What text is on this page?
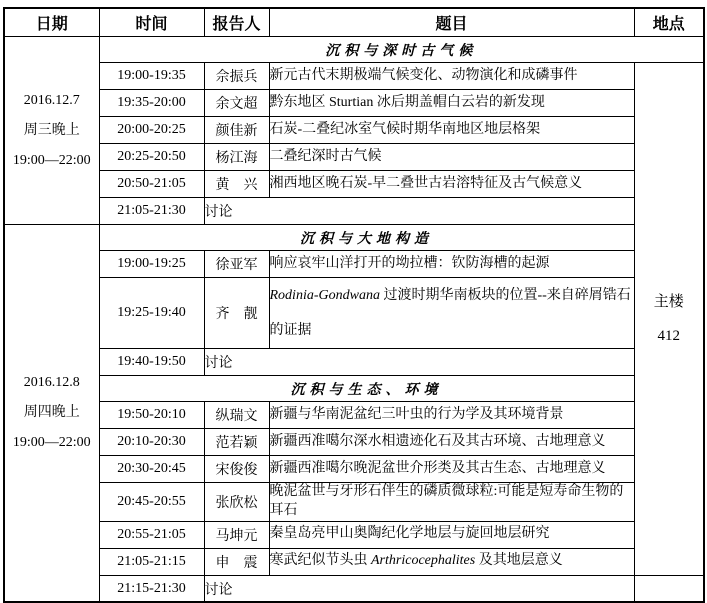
日期	时间	报告人	题目	地点

2016.12.7
周三晚上
19:00—22:00	沉积与深时古气候			
	19:00-19:35	佘振兵	新元古代末期极端气候变化、动物演化和成磷事件	主楼
412

	19:35-20:00	余文超	黔东地区 Sturtian 冰后期盖帽白云岩的新发现	
	20:00-20:25	颜佳新	石炭-二叠纪冰室气候时期华南地区地层格架	
	20:25-20:50	杨江海	二叠纪深时古气候	
	20:50-21:05	黄　兴	湘西地区晚石炭-早二叠世古岩溶特征及古气候意义	
	21:05-21:30	讨论		

2016.12.8
周四晚上
19:00—22:00	沉积与大地构造			
	19:00-19:25	徐亚军	响应哀牢山洋打开的坳拉槽：钦防海槽的起源	
	19:25-19:40	齐　靓	Rodinia-Gondwana 过渡时期华南板块的位置--来自碎屑锆石的证据	
	19:40-19:50	讨论		
	沉积与生态、环境			
	19:50-20:10	纵瑞文	新疆与华南泥盆纪三叶虫的行为学及其环境背景	
	20:10-20:30	范若颖	新疆西准噶尔深水相遗迹化石及其古环境、古地理意义	
	20:30-20:45	宋俊俊	新疆西准噶尔晚泥盆世介形类及其古生态、古地理意义	
	20:45-20:55	张欣松	晚泥盆世与牙形石伴生的磷质微球粒:可能是短寿命生物的耳石	
	20:55-21:05	马坤元	秦皇岛亮甲山奥陶纪化学地层与旋回地层研究	
	21:05-21:15	申　震	寒武纪似节头虫 Arthricocephalites 及其地层意义	
	21:15-21:30	讨论		
